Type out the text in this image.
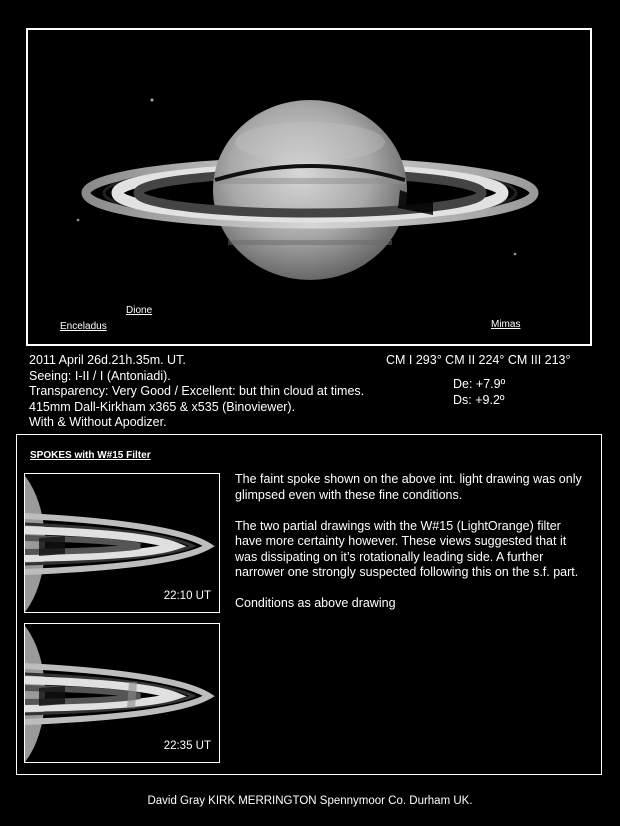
Dione
Enceladus	Mimas
2011 April 26d.21h.35m. UT.
Seeing: I-II / I (Antoniadi).
Transparency: Very Good / Excellent: but thin cloud at times.
415mm Dall-Kirkham x365 & x535 (Binoviewer).
With & Without Apodizer.
CM I 293° CM II 224° CM III 213°
De: +7.9º
Ds: +9.2º
SPOKES with W#15 Filter
22:10 UT
22:35 UT

The faint spoke shown on the above int. light drawing was only glimpsed even with these fine conditions.

The two partial drawings with the W#15 (LightOrange) filter have more certainty however. These views suggested that it was dissipating on it’s rotationally leading side. A further narrower one strongly suspected following this on the s.f. part.

Conditions as above drawing

David Gray KIRK MERRINGTON Spennymoor Co. Durham UK.
